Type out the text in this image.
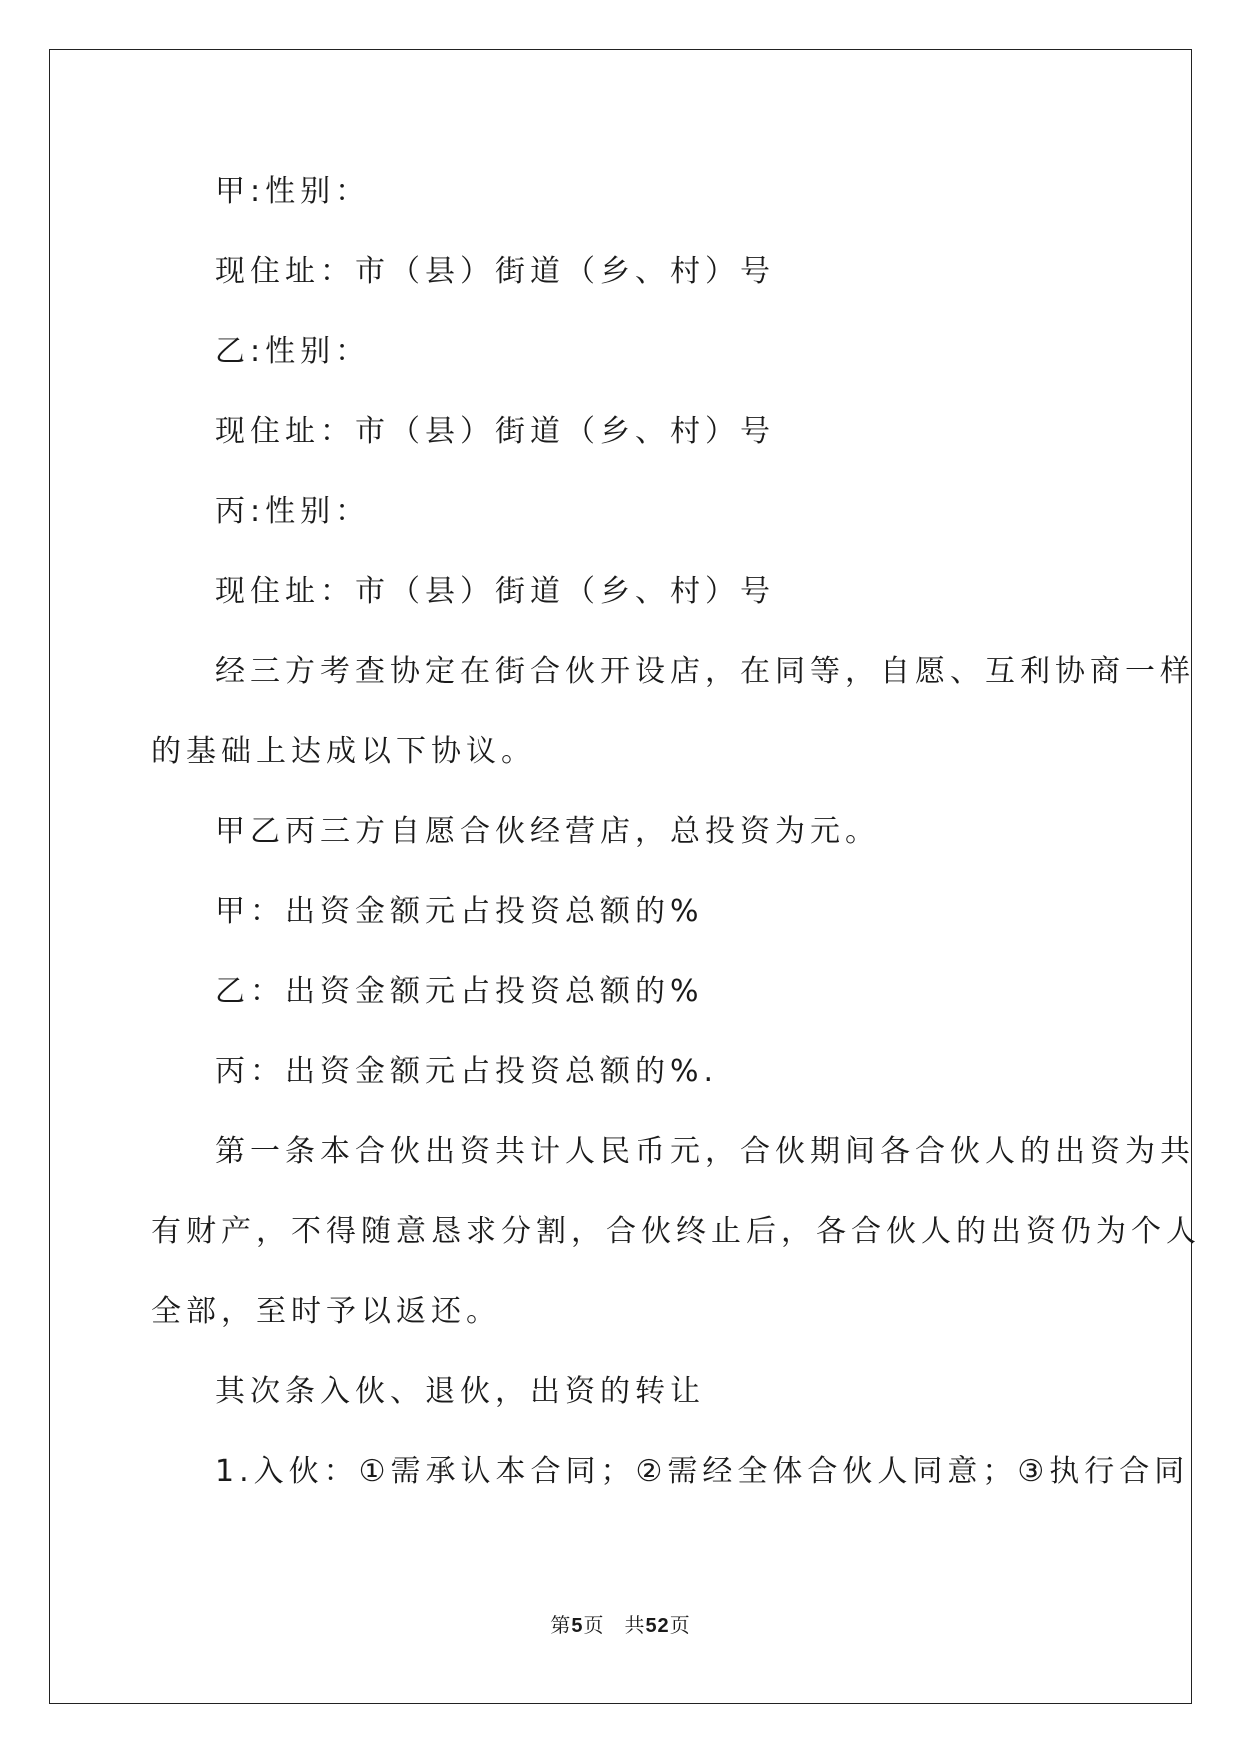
甲:性别：

现住址：市（县）街道（乡、村）号

乙:性别：

现住址：市（县）街道（乡、村）号

丙:性别：

现住址：市（县）街道（乡、村）号

经三方考查协定在街合伙开设店，在同等，自愿、互利协商一样

的基础上达成以下协议。

甲乙丙三方自愿合伙经营店，总投资为元。

甲：出资金额元占投资总额的%

乙：出资金额元占投资总额的%

丙：出资金额元占投资总额的%.

第一条本合伙出资共计人民币元，合伙期间各合伙人的出资为共

有财产，不得随意恳求分割，合伙终止后，各合伙人的出资仍为个人

全部，至时予以返还。

其次条入伙、退伙，出资的转让

1.入伙：①需承认本合同；②需经全体合伙人同意；③执行合同

第5页 共52页
